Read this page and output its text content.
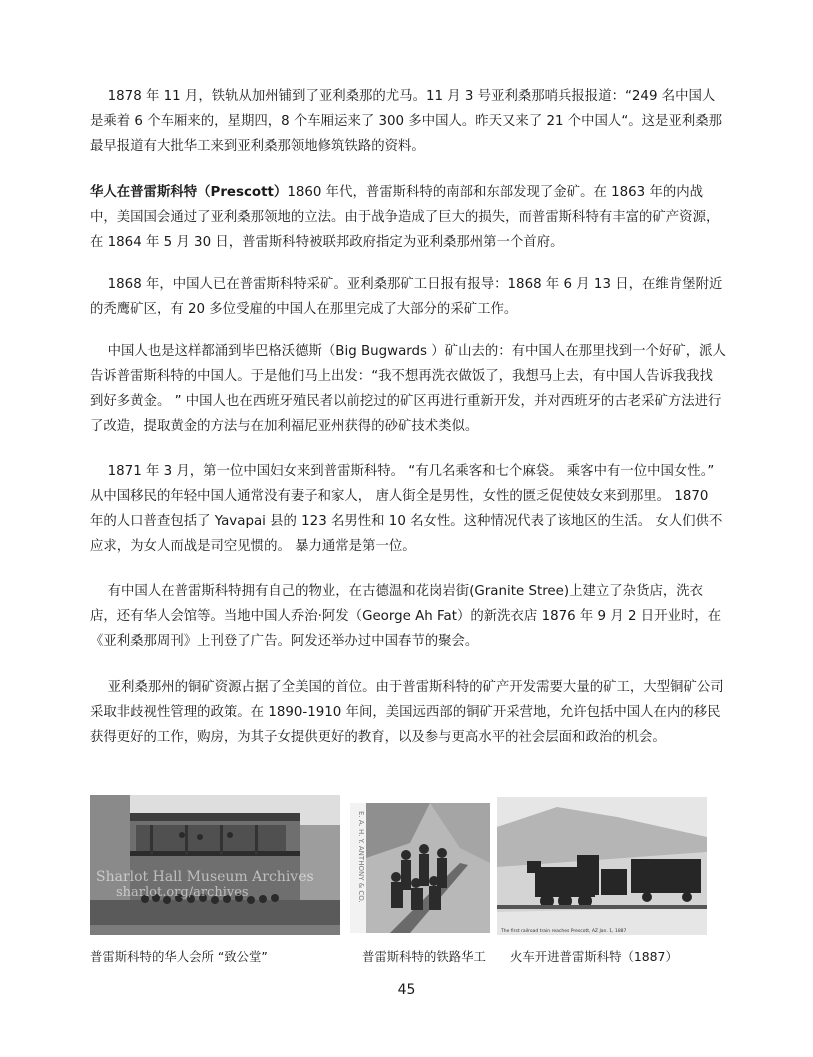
　 1878 年 11 月，铁轨从加州铺到了亚利桑那的尤马。11 月 3 号亚利桑那哨兵报报道：“249 名中国人是乘着 6 个车厢来的，星期四，8 个车厢运来了 300 多中国人。昨天又来了 21 个中国人“。这是亚利桑那最早报道有大批华工来到亚利桑那领地修筑铁路的资料。

华人在普雷斯科特（Prescott）1860 年代，普雷斯科特的南部和东部发现了金矿。在 1863 年的内战中，美国国会通过了亚利桑那领地的立法。由于战争造成了巨大的损失，而普雷斯科特有丰富的矿产资源，在 1864 年 5 月 30 日，普雷斯科特被联邦政府指定为亚利桑那州第一个首府。

　 1868 年，中国人已在普雷斯科特采矿。亚利桑那矿工日报有报导：1868 年 6 月 13 日，在维肯堡附近的秃鹰矿区，有 20 多位受雇的中国人在那里完成了大部分的采矿工作。

　 中国人也是这样都涌到毕巴格沃德斯（Big Bugwards ）矿山去的：有中国人在那里找到一个好矿，派人告诉普雷斯科特的中国人。于是他们马上出发：“我不想再洗衣做饭了，我想马上去，有中国人告诉我我找到好多黄金。 ” 中国人也在西班牙殖民者以前挖过的矿区再进行重新开发，并对西班牙的古老采矿方法进行了改造，提取黄金的方法与在加利福尼亚州获得的砂矿技术类似。

　 1871 年 3 月，第一位中国妇女来到普雷斯科特。 “有几名乘客和七个麻袋。 乘客中有一位中国女性。” 从中国移民的年轻中国人通常没有妻子和家人， 唐人街全是男性，女性的匮乏促使妓女来到那里。 1870 年的人口普查包括了 Yavapai 县的 123 名男性和 10 名女性。这种情况代表了该地区的生活。 女人们供不应求，为女人而战是司空见惯的。 暴力通常是第一位。

　 有中国人在普雷斯科特拥有自己的物业，在古德温和花岗岩街(Granite Stree)上建立了杂货店，洗衣店，还有华人会馆等。当地中国人乔治·阿发（George Ah Fat）的新洗衣店 1876 年 9 月 2 日开业时，在《亚利桑那周刊》上刊登了广告。阿发还举办过中国春节的聚会。

　 亚利桑那州的铜矿资源占据了全美国的首位。由于普雷斯科特的矿产开发需要大量的矿工，大型铜矿公司采取非歧视性管理的政策。在 1890-1910 年间，美国远西部的铜矿开采营地，允许包括中国人在内的移民获得更好的工作，购房，为其子女提供更好的教育，以及参与更高水平的社会层面和政治的机会。

Sharlot Hall Museum Archives
sharlot.org/archives	E. A. H. Y. ANTHONY & CO.
The first railroad train reaches Prescott, AZ Jan. 1, 1887
普雷斯科特的华人会所 “致公堂”	普雷斯科特的铁路华工 火车开进普雷斯科特（1887）
45
